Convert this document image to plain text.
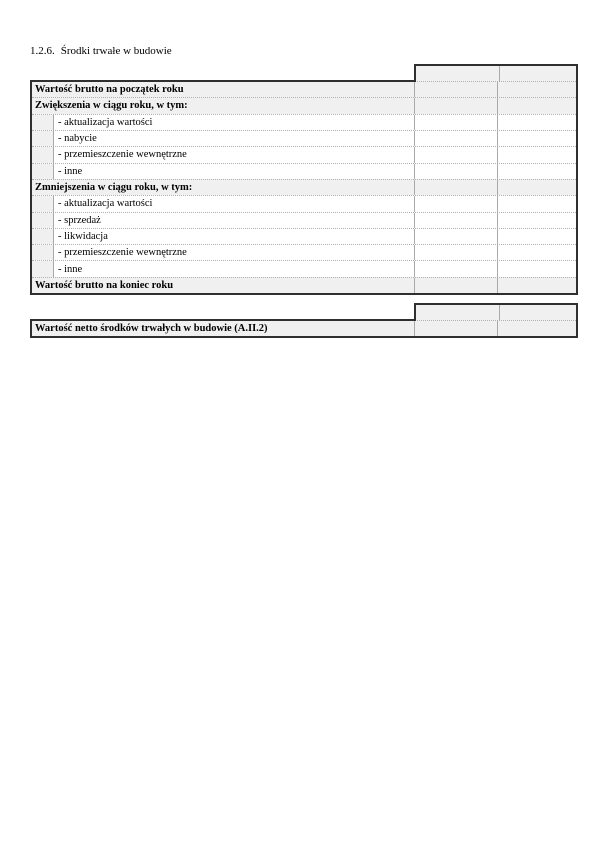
1.2.6. Środki trwałe w budowie
Wartość brutto na początek roku
Zwiększenia w ciągu roku, w tym:
- aktualizacja wartości
- nabycie
- przemieszczenie wewnętrzne
- inne
Zmniejszenia w ciągu roku, w tym:
- aktualizacja wartości
- sprzedaż
- likwidacja
- przemieszczenie wewnętrzne
- inne
Wartość brutto na koniec roku
Wartość netto środków trwałych w budowie (A.II.2)
